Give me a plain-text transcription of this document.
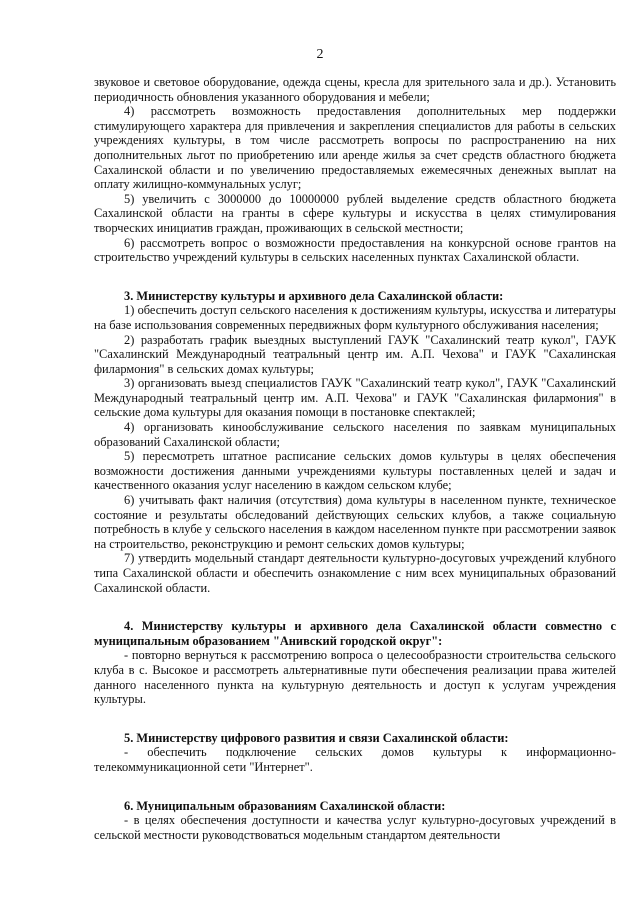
2

звуковое и световое оборудование, одежда сцены, кресла для зрительного зала и др.). Установить периодичность обновления указанного оборудования и мебели;

4) рассмотреть возможность предоставления дополнительных мер поддержки стимулирующего характера для привлечения и закрепления специалистов для работы в сельских учреждениях культуры, в том числе рассмотреть вопросы по распространению на них дополнительных льгот по приобретению или аренде жилья за счет средств областного бюджета Сахалинской области и по увеличению предоставляемых ежемесячных денежных выплат на оплату жилищно-коммунальных услуг;

5) увеличить с 3000000 до 10000000 рублей выделение средств областного бюджета Сахалинской области на гранты в сфере культуры и искусства в целях стимулирования творческих инициатив граждан, проживающих в сельской местности;

6) рассмотреть вопрос о возможности предоставления на конкурсной основе грантов на строительство учреждений культуры в сельских населенных пунктах Сахалинской области.

3. Министерству культуры и архивного дела Сахалинской области:

1) обеспечить доступ сельского населения к достижениям культуры, искусства и литературы на базе использования современных передвижных форм культурного обслуживания населения;

2) разработать график выездных выступлений ГАУК "Сахалинский театр кукол", ГАУК "Сахалинский Международный театральный центр им. А.П. Чехова" и ГАУК "Сахалинская филармония" в сельских домах культуры;

3) организовать выезд специалистов ГАУК "Сахалинский театр кукол", ГАУК "Сахалинский Международный театральный центр им. А.П. Чехова" и ГАУК "Сахалинская филармония" в сельские дома культуры для оказания помощи в постановке спектаклей;

4) организовать кинообслуживание сельского населения по заявкам муниципальных образований Сахалинской области;

5) пересмотреть штатное расписание сельских домов культуры в целях обеспечения возможности достижения данными учреждениями культуры поставленных целей и задач и качественного оказания услуг населению в каждом сельском клубе;

6) учитывать факт наличия (отсутствия) дома культуры в населенном пункте, техническое состояние и результаты обследований действующих сельских клубов, а также социальную потребность в клубе у сельского населения в каждом населенном пункте при рассмотрении заявок на строительство, реконструкцию и ремонт сельских домов культуры;

7) утвердить модельный стандарт деятельности культурно-досуговых учреждений клубного типа Сахалинской области и обеспечить ознакомление с ним всех муниципальных образований Сахалинской области.

4. Министерству культуры и архивного дела Сахалинской области совместно с муниципальным образованием "Анивский городской округ":

- повторно вернуться к рассмотрению вопроса о целесообразности строительства сельского клуба в с. Высокое и рассмотреть альтернативные пути обеспечения реализации права жителей данного населенного пункта на культурную деятельность и доступ к услугам учреждения культуры.

5. Министерству цифрового развития и связи Сахалинской области:

- обеспечить подключение сельских домов культуры к информационно-телекоммуникационной сети "Интернет".

6. Муниципальным образованиям Сахалинской области:

- в целях обеспечения доступности и качества услуг культурно-досуговых учреждений в сельской местности руководствоваться модельным стандартом деятельности
